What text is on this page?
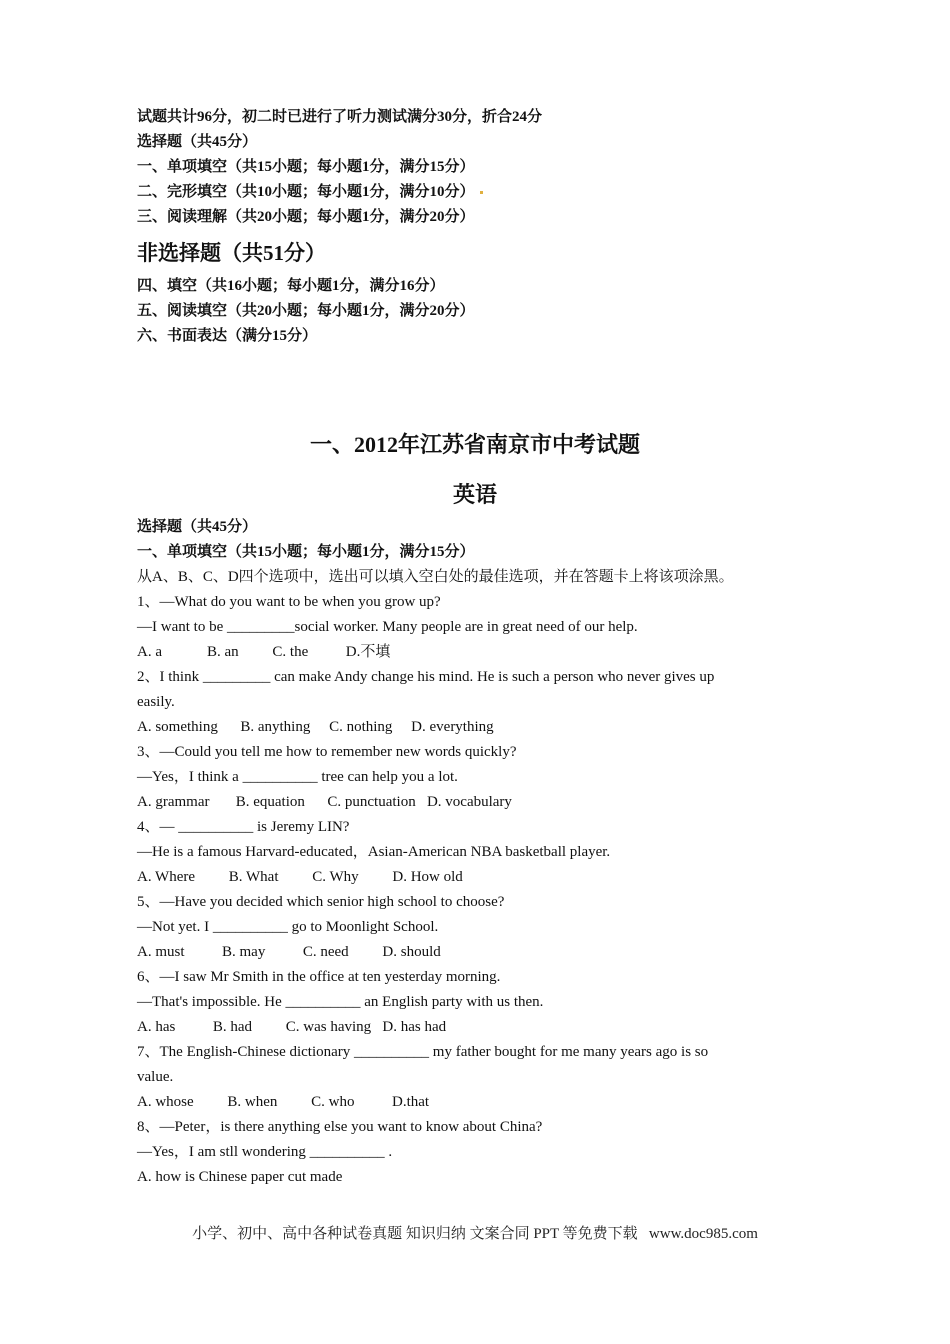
试题共计96分，初二时已进行了听力测试满分30分，折合24分
选择题（共45分）
一、单项填空（共15小题；每小题1分，满分15分）
二、完形填空（共10小题；每小题1分，满分10分）
三、阅读理解（共20小题；每小题1分，满分20分）
非选择题（共51分）
四、填空（共16小题；每小题1分，满分16分）
五、阅读填空（共20小题；每小题1分，满分20分）
六、书面表达（满分15分）
一、2012年江苏省南京市中考试题
英语
选择题（共45分）
一、单项填空（共15小题；每小题1分，满分15分）
从A、B、C、D四个选项中，选出可以填入空白处的最佳选项，并在答题卡上将该项涂黑。
1、—What do you want to be when you grow up?
—I want to be _________social worker. Many people are in great need of our help.
A. a            B. an         C. the          D.不填
2、I think _________ can make Andy change his mind. He is such a person who never gives up
easily.
A. something      B. anything     C. nothing     D. everything
3、—Could you tell me how to remember new words quickly?
—Yes，I think a __________ tree can help you a lot.
A. grammar       B. equation      C. punctuation   D. vocabulary
4、— __________ is Jeremy LIN?
—He is a famous Harvard-educated，Asian-American NBA basketball player.
A. Where         B. What         C. Why         D. How old
5、—Have you decided which senior high school to choose?
—Not yet. I __________ go to Moonlight School.
A. must          B. may          C. need         D. should
6、—I saw Mr Smith in the office at ten yesterday morning.
—That's impossible. He __________ an English party with us then.
A. has          B. had         C. was having   D. has had
7、The English-Chinese dictionary __________ my father bought for me many years ago is so
value.
A. whose         B. when         C. who          D.that
8、—Peter，is there anything else you want to know about China?
—Yes，I am stll wondering __________ .
A. how is Chinese paper cut made
小学、初中、高中各种试卷真题 知识归纳 文案合同 PPT 等免费下载   www.doc985.com
